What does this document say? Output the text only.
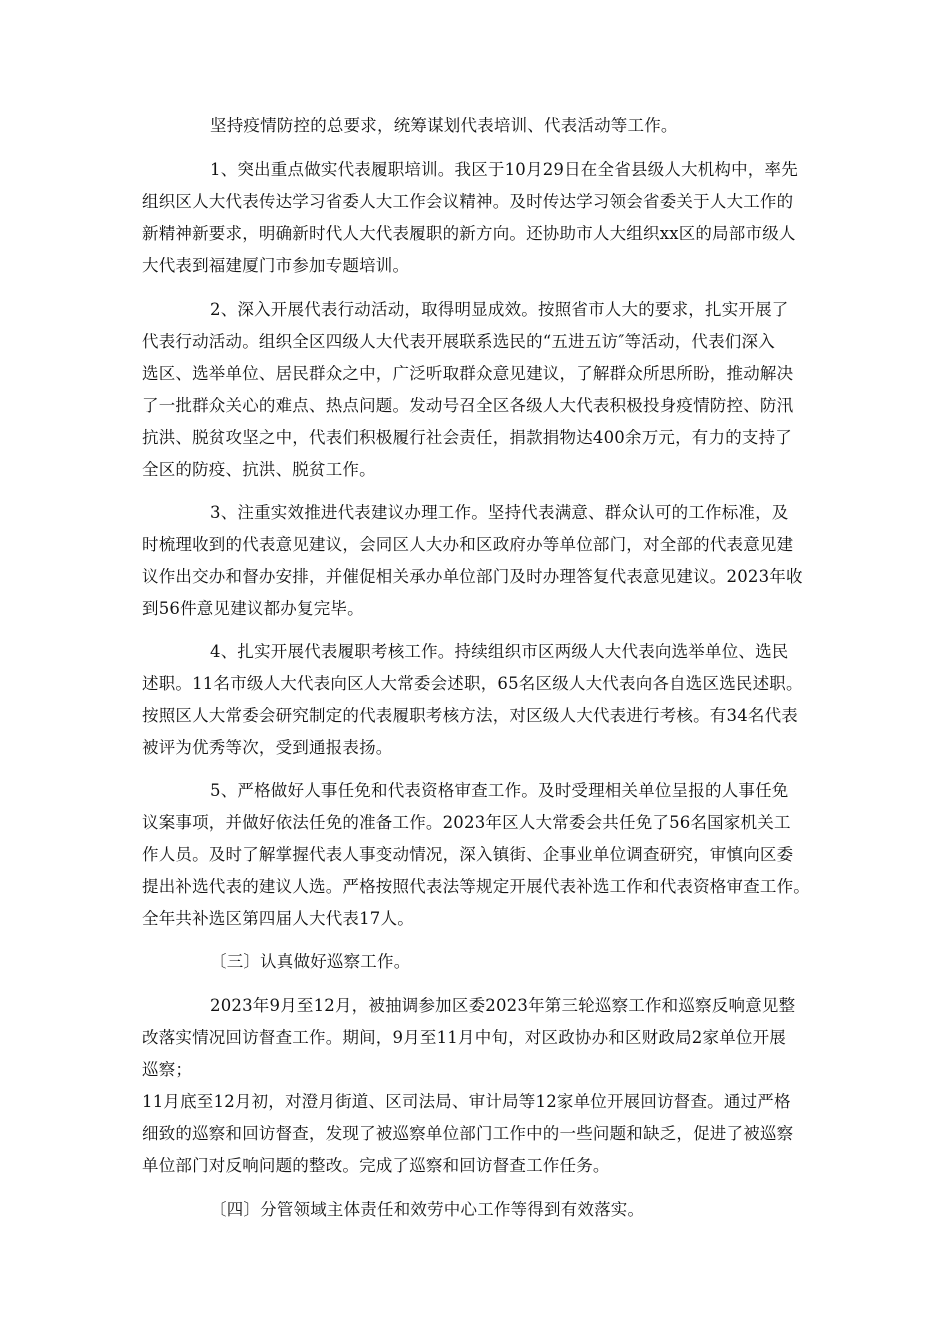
坚持疫情防控的总要求，统筹谋划代表培训、代表活动等工作。
1、突出重点做实代表履职培训。我区于10月29日在全省县级人大机构中，率先
组织区人大代表传达学习省委人大工作会议精神。及时传达学习领会省委关于人大工作的
新精神新要求，明确新时代人大代表履职的新方向。还协助市人大组织xx区的局部市级人
大代表到福建厦门市参加专题培训。
2、深入开展代表行动活动，取得明显成效。按照省市人大的要求，扎实开展了
代表行动活动。组织全区四级人大代表开展联系选民的“五进五访″等活动，代表们深入
选区、选举单位、居民群众之中，广泛听取群众意见建议，了解群众所思所盼，推动解决
了一批群众关心的难点、热点问题。发动号召全区各级人大代表积极投身疫情防控、防汛
抗洪、脱贫攻坚之中，代表们积极履行社会责任，捐款捐物达400余万元，有力的支持了
全区的防疫、抗洪、脱贫工作。
3、注重实效推进代表建议办理工作。坚持代表满意、群众认可的工作标准，及
时梳理收到的代表意见建议，会同区人大办和区政府办等单位部门，对全部的代表意见建
议作出交办和督办安排，并催促相关承办单位部门及时办理答复代表意见建议。2023年收
到56件意见建议都办复完毕。
4、扎实开展代表履职考核工作。持续组织市区两级人大代表向选举单位、选民
述职。11名市级人大代表向区人大常委会述职，65名区级人大代表向各自选区选民述职。
按照区人大常委会研究制定的代表履职考核方法，对区级人大代表进行考核。有34名代表
被评为优秀等次，受到通报表扬。
5、严格做好人事任免和代表资格审查工作。及时受理相关单位呈报的人事任免
议案事项，并做好依法任免的准备工作。2023年区人大常委会共任免了56名国家机关工
作人员。及时了解掌握代表人事变动情况，深入镇街、企事业单位调查研究，审慎向区委
提出补选代表的建议人选。严格按照代表法等规定开展代表补选工作和代表资格审查工作。
全年共补选区第四届人大代表17人。
〔三〕认真做好巡察工作。
2023年9月至12月，被抽调参加区委2023年第三轮巡察工作和巡察反响意见整
改落实情况回访督查工作。期间，9月至11月中旬，对区政协办和区财政局2家单位开展
巡察；
11月底至12月初，对澄月街道、区司法局、审计局等12家单位开展回访督查。通过严格
细致的巡察和回访督查，发现了被巡察单位部门工作中的一些问题和缺乏，促进了被巡察
单位部门对反响问题的整改。完成了巡察和回访督查工作任务。
〔四〕分管领域主体责任和效劳中心工作等得到有效落实。
